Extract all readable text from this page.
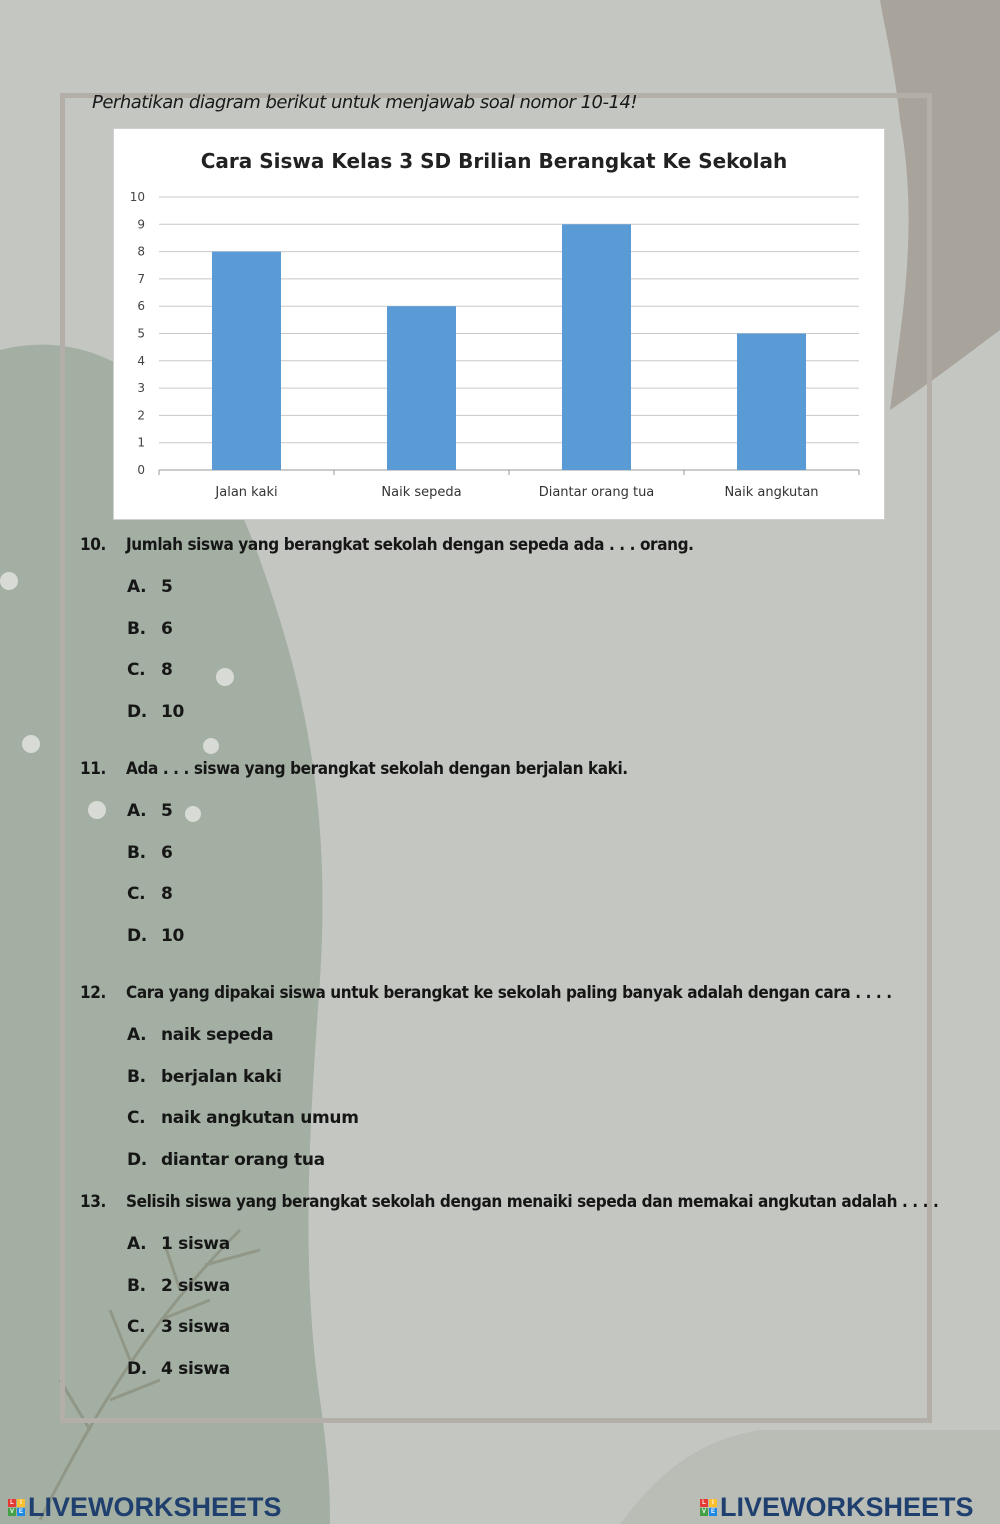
Perhatikan diagram berikut untuk menjawab soal nomor 10-14!

Cara Siswa Kelas 3 SD Brilian Berangkat Ke Sekolah
0
1
2
3
4
5
6
7
8
9
10
Jalan kaki	Naik sepeda	Diantar orang tua	Naik angkutan

10. Jumlah siswa yang berangkat sekolah dengan sepeda ada . . . orang.

A. 5

B. 6

C. 8

D. 10

11. Ada . . . siswa yang berangkat sekolah dengan berjalan kaki.

A. 5

B. 6

C. 8

D. 10

12. Cara yang dipakai siswa untuk berangkat ke sekolah paling banyak adalah dengan cara . . . .

A. naik sepeda

B. berjalan kaki

C. naik angkutan umum

D. diantar orang tua

13. Selisih siswa yang berangkat sekolah dengan menaiki sepeda dan memakai angkutan adalah . . . .

A. 1 siswa

B. 2 siswa

C. 3 siswa

D. 4 siswa

L	I
V E LIVEWORKSHEETS	L	I
V E LIVEWORKSHEETS
